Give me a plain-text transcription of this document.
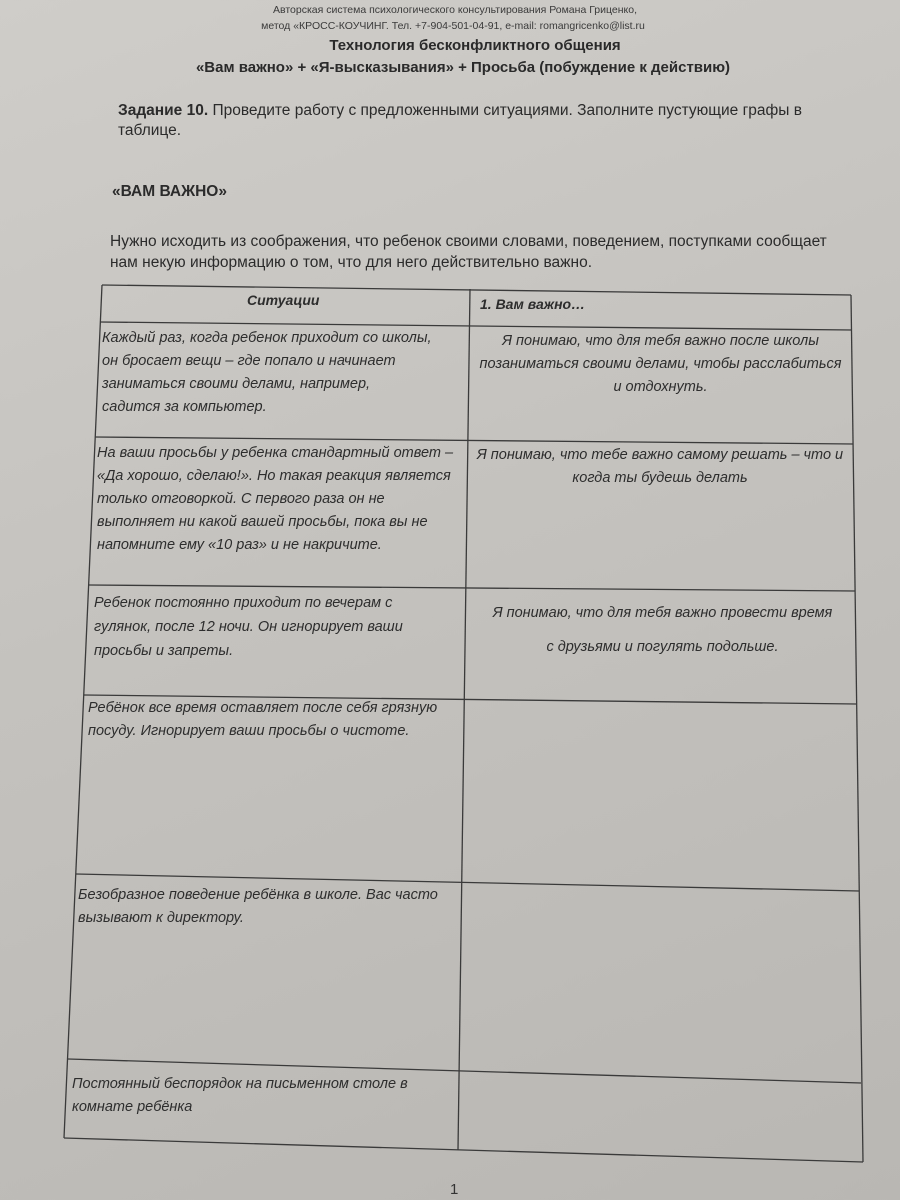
Авторская система психологического консультирования Романа Гриценко,
метод «КРОСС-КОУЧИНГ. Тел. +7-904-501-04-91, e-mail: romangricenko@list.ru
Технология бесконфликтного общения
«Вам важно» + «Я-высказывания» + Просьба (побуждение к действию)
Задание 10. Проведите работу с предложенными ситуациями. Заполните пустующие графы в таблице.
«ВАМ ВАЖНО»
Нужно исходить из соображения, что ребенок своими словами, поведением, поступками сообщает нам некую информацию о том, что для него действительно важно.
Ситуации	1. Вам важно…
Каждый раз, когда ребенок приходит со школы, он бросает вещи – где попало и начинает заниматься своими делами, например, садится за компьютер.
Я понимаю, что для тебя важно после школы позаниматься своими делами, чтобы расслабиться и отдохнуть.
На ваши просьбы у ребенка стандартный ответ – «Да хорошо, сделаю!». Но такая реакция является только отговоркой. С первого раза он не выполняет ни какой вашей просьбы, пока вы не напомните ему «10 раз» и не накричите.
Я понимаю, что тебе важно самому решать – что и когда ты будешь делать
Ребенок постоянно приходит по вечерам с гулянок, после 12 ночи. Он игнорирует ваши просьбы и запреты.
Я понимаю, что для тебя важно провести время с друзьями и погулять подольше.
Ребёнок все время оставляет после себя грязную посуду. Игнорирует ваши просьбы о чистоте.
Безобразное поведение ребёнка в школе. Вас часто вызывают к директору.
Постоянный беспорядок на письменном столе в комнате ребёнка
1
